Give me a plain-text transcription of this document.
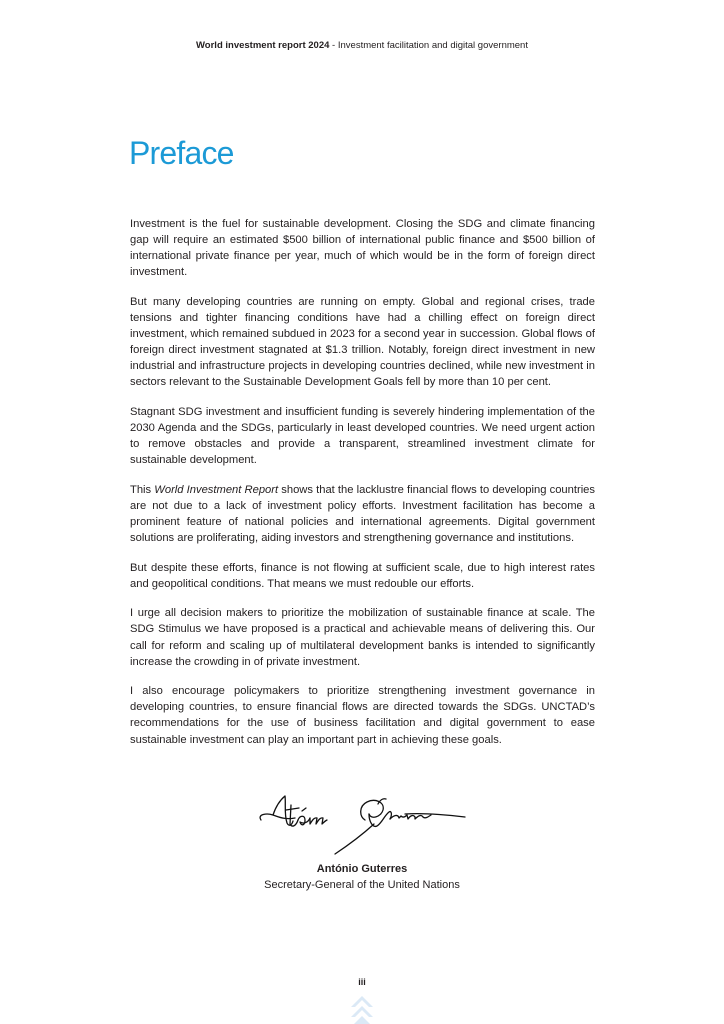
World investment report 2024 - Investment facilitation and digital government
Preface

Investment is the fuel for sustainable development. Closing the SDG and climate financing gap will require an estimated $500 billion of international public finance and $500 billion of international private finance per year, much of which would be in the form of foreign direct investment.

But many developing countries are running on empty. Global and regional crises, trade tensions and tighter financing conditions have had a chilling effect on foreign direct investment, which remained subdued in 2023 for a second year in succession. Global flows of foreign direct investment stagnated at $1.3 trillion. Notably, foreign direct investment in new industrial and infrastructure projects in developing countries declined, while new investment in sectors relevant to the Sustainable Development Goals fell by more than 10 per cent.

Stagnant SDG investment and insufficient funding is severely hindering implementation of the 2030 Agenda and the SDGs, particularly in least developed countries. We need urgent action to remove obstacles and provide a transparent, streamlined investment climate for sustainable development.

This World Investment Report shows that the lacklustre financial flows to developing countries are not due to a lack of investment policy efforts. Investment facilitation has become a prominent feature of national policies and international agreements. Digital government solutions are proliferating, aiding investors and strengthening governance and institutions.

But despite these efforts, finance is not flowing at sufficient scale, due to high interest rates and geopolitical conditions. That means we must redouble our efforts.

I urge all decision makers to prioritize the mobilization of sustainable finance at scale. The SDG Stimulus we have proposed is a practical and achievable means of delivering this. Our call for reform and scaling up of multilateral development banks is intended to significantly increase the crowding in of private investment.

I also encourage policymakers to prioritize strengthening investment governance in developing countries, to ensure financial flows are directed towards the SDGs. UNCTAD’s recommendations for the use of business facilitation and digital government to ease sustainable investment can play an important part in achieving these goals.

António Guterres
Secretary-General of the United Nations
iii
